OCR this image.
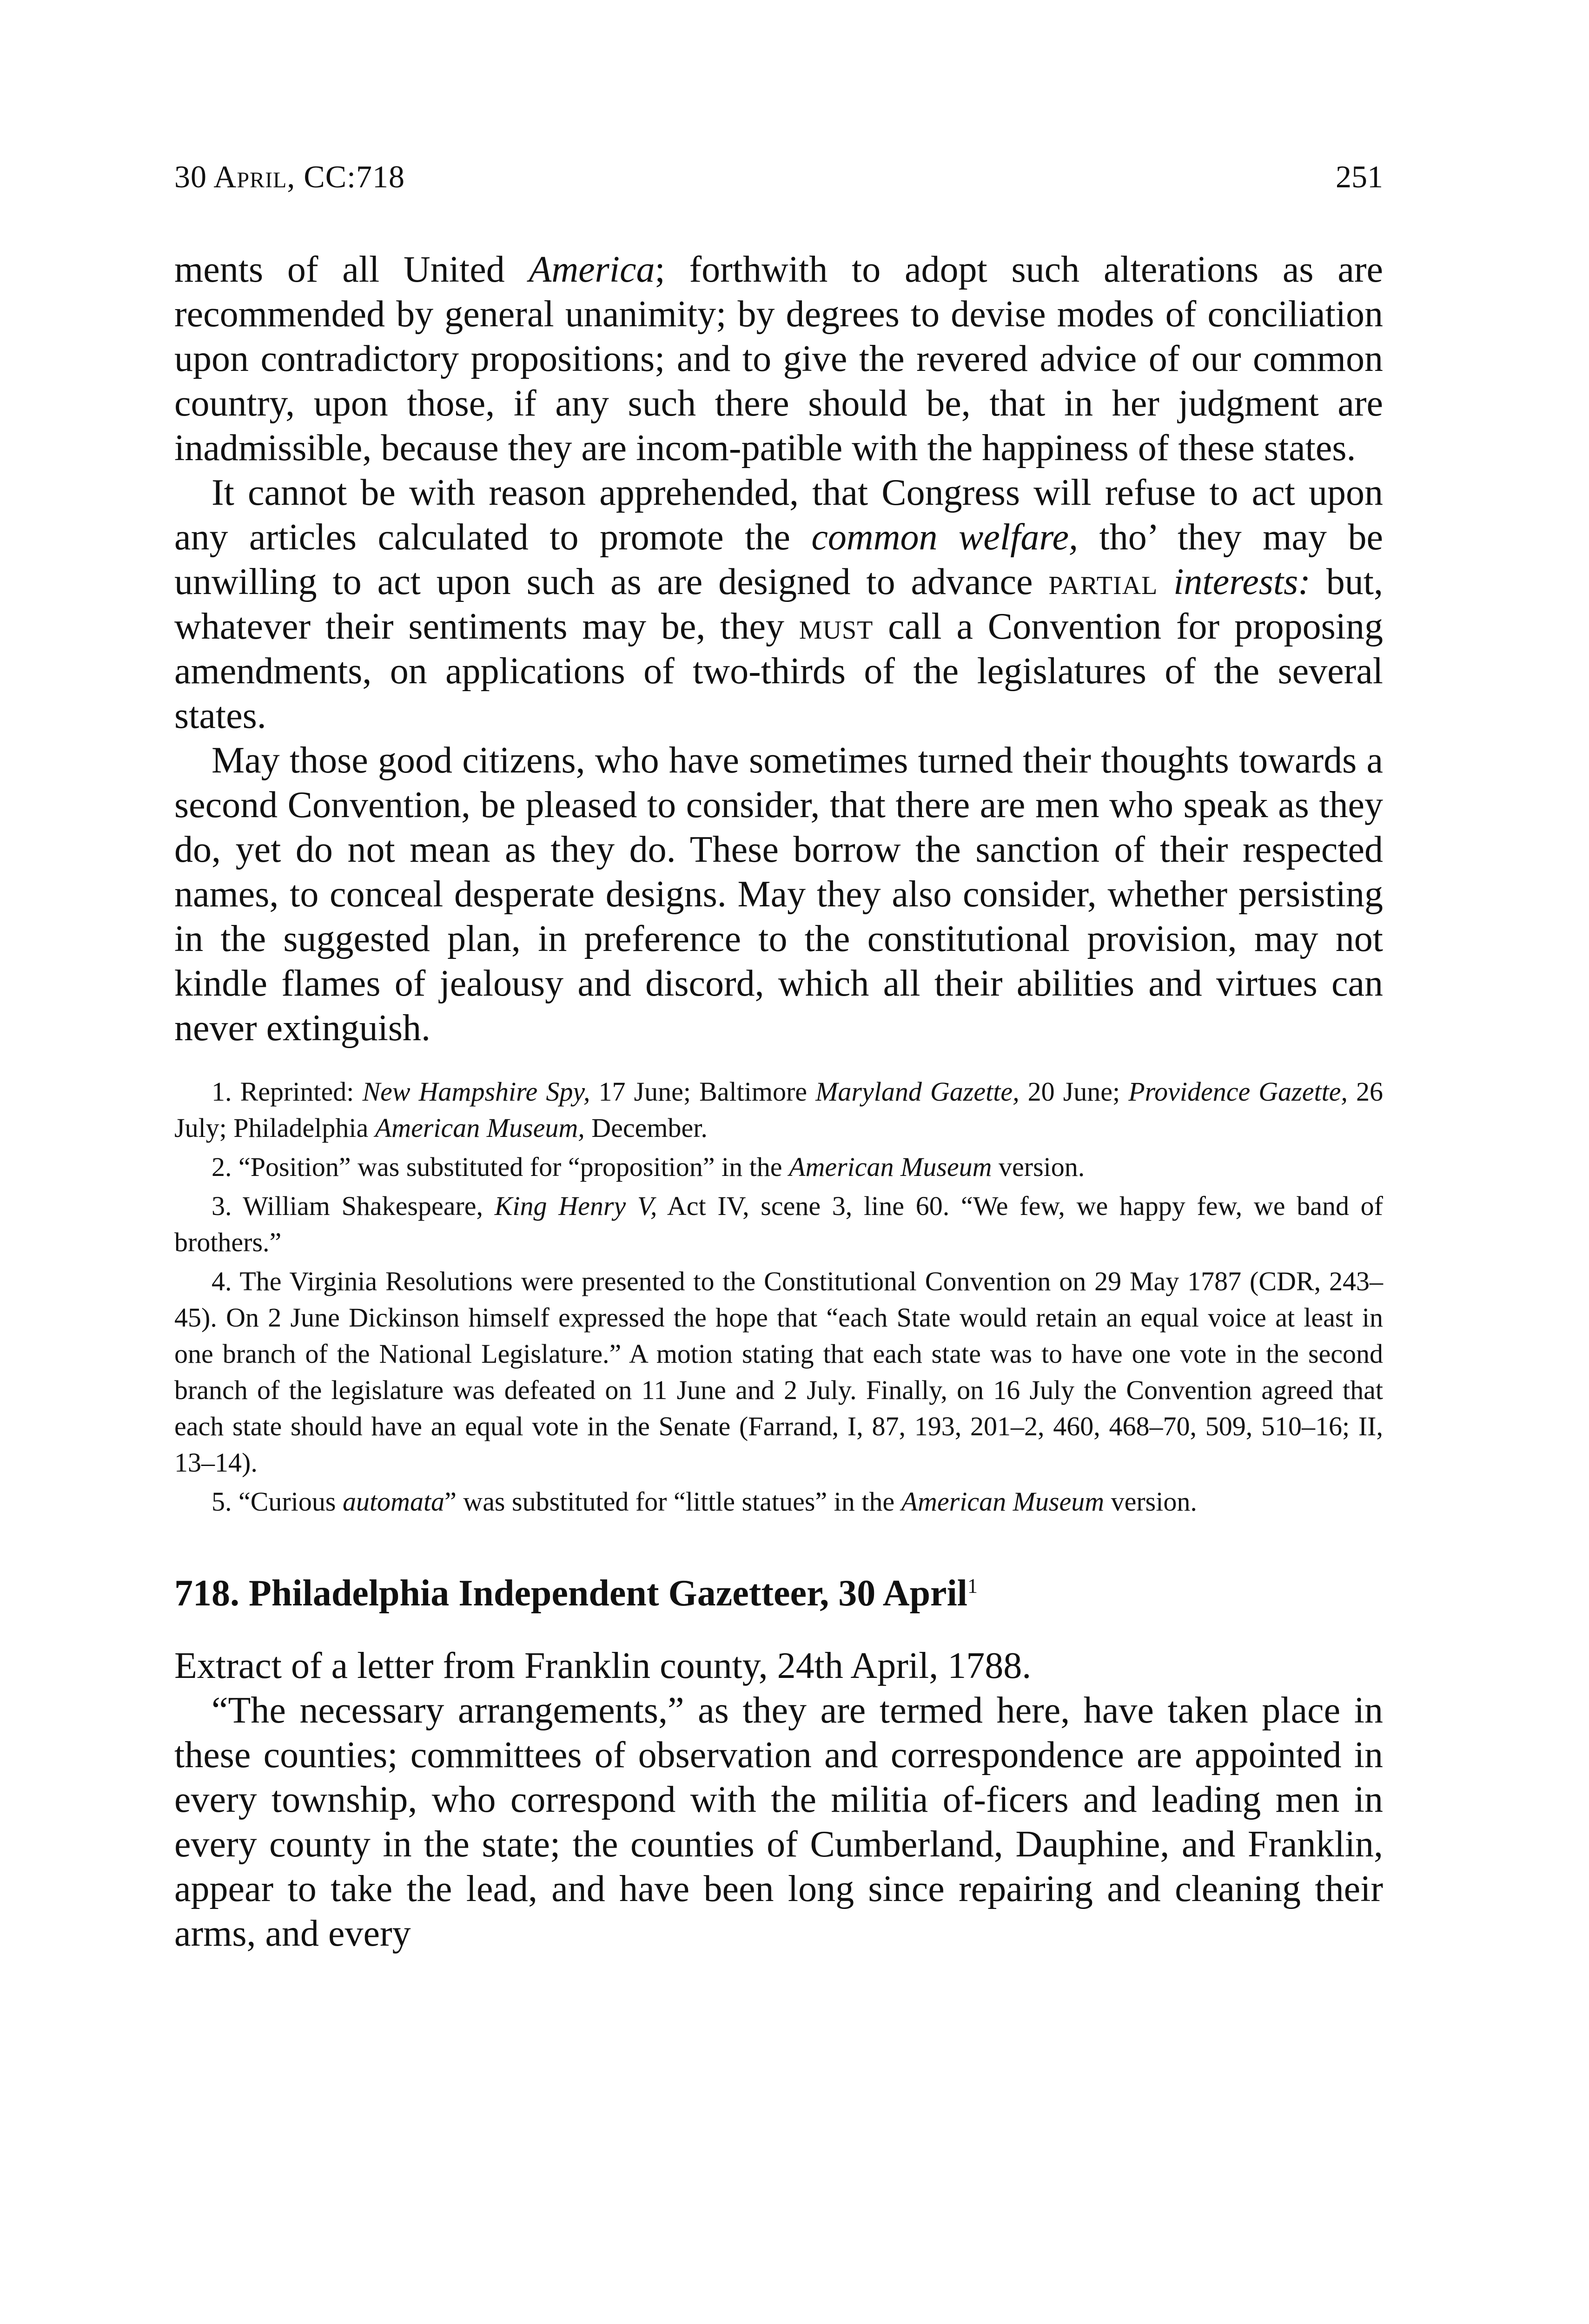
30 April, CC:718	251

ments of all United America; forthwith to adopt such alterations as are recommended by general unanimity; by degrees to devise modes of conciliation upon contradictory propositions; and to give the revered advice of our common country, upon those, if any such there should be, that in her judgment are inadmissible, because they are incom-patible with the happiness of these states.

It cannot be with reason apprehended, that Congress will refuse to act upon any articles calculated to promote the common welfare, tho’ they may be unwilling to act upon such as are designed to advance partial interests: but, whatever their sentiments may be, they must call a Convention for proposing amendments, on applications of two-thirds of the legislatures of the several states.

May those good citizens, who have sometimes turned their thoughts towards a second Convention, be pleased to consider, that there are men who speak as they do, yet do not mean as they do. These borrow the sanction of their respected names, to conceal desperate designs. May they also consider, whether persisting in the suggested plan, in preference to the constitutional provision, may not kindle flames of jealousy and discord, which all their abilities and virtues can never extinguish.

1. Reprinted: New Hampshire Spy, 17 June; Baltimore Maryland Gazette, 20 June; Providence Gazette, 26 July; Philadelphia American Museum, December.

2. “Position” was substituted for “proposition” in the American Museum version.

3. William Shakespeare, King Henry V, Act IV, scene 3, line 60. “We few, we happy few, we band of brothers.”

4. The Virginia Resolutions were presented to the Constitutional Convention on 29 May 1787 (CDR, 243–45). On 2 June Dickinson himself expressed the hope that “each State would retain an equal voice at least in one branch of the National Legislature.” A motion stating that each state was to have one vote in the second branch of the legislature was defeated on 11 June and 2 July. Finally, on 16 July the Convention agreed that each state should have an equal vote in the Senate (Farrand, I, 87, 193, 201–2, 460, 468–70, 509, 510–16; II, 13–14).

5. “Curious automata” was substituted for “little statues” in the American Museum version.

718. Philadelphia Independent Gazetteer, 30 April$^1$

Extract of a letter from Franklin county, 24th April, 1788.

“The necessary arrangements,” as they are termed here, have taken place in these counties; committees of observation and correspondence are appointed in every township, who correspond with the militia of-ficers and leading men in every county in the state; the counties of Cumberland, Dauphine, and Franklin, appear to take the lead, and have been long since repairing and cleaning their arms, and every
